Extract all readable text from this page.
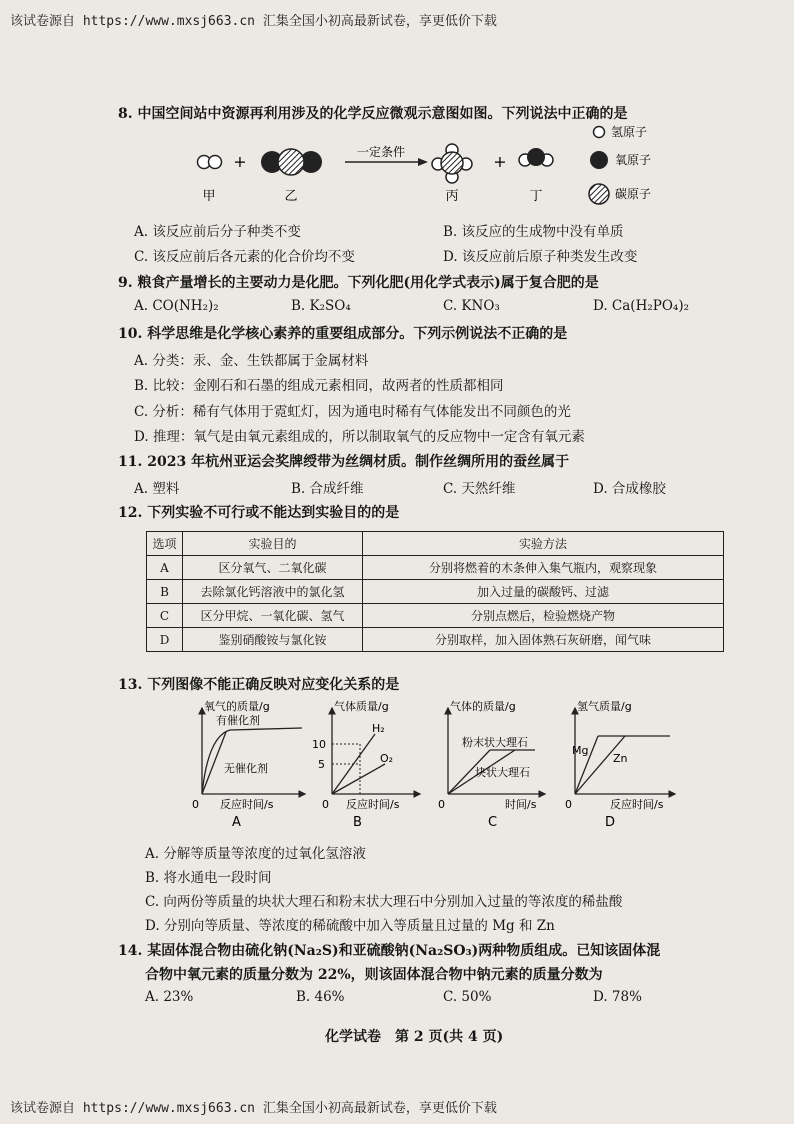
该试卷源自 https://www.mxsj663.cn 汇集全国小初高最新试卷，享更低价下载
8. 中国空间站中资源再利用涉及的化学反应微观示意图如图。下列说法中正确的是
+	一定条件	+
甲	乙	丙	丁
氢原子
氧原子
碳原子
A. 该反应前后分子种类不变	B. 该反应的生成物中没有单质
C. 该反应前后各元素的化合价均不变	D. 该反应前后原子种类发生改变
9. 粮食产量增长的主要动力是化肥。下列化肥(用化学式表示)属于复合肥的是
A. CO(NH₂)₂	B. K₂SO₄	C. KNO₃	D. Ca(H₂PO₄)₂
10. 科学思维是化学核心素养的重要组成部分。下列示例说法不正确的是
A. 分类：汞、金、生铁都属于金属材料
B. 比较：金刚石和石墨的组成元素相同，故两者的性质都相同
C. 分析：稀有气体用于霓虹灯，因为通电时稀有气体能发出不同颜色的光
D. 推理：氧气是由氧元素组成的，所以制取氧气的反应物中一定含有氧元素
11. 2023 年杭州亚运会奖牌绶带为丝绸材质。制作丝绸所用的蚕丝属于
A. 塑料	B. 合成纤维	C. 天然纤维	D. 合成橡胶
12. 下列实验不可行或不能达到实验目的的是
选项	实验目的	实验方法
A	区分氧气、二氧化碳	分别将燃着的木条伸入集气瓶内，观察现象
B	去除氯化钙溶液中的氯化氢	加入过量的碳酸钙、过滤
C	区分甲烷、一氧化碳、氢气	分别点燃后，检验燃烧产物
D	鉴别硝酸铵与氯化铵	分别取样，加入固体熟石灰研磨，闻气味
13. 下列图像不能正确反映对应变化关系的是
氧气的质量/g
有催化剂
无催化剂
0 反应时间/s
A
气体质量/g
10
5
H₂
O₂
0 反应时间/s
B
气体的质量/g
粉末状大理石
块状大理石
0	时间/s
C
氢气质量/g
Mg
Zn
0	反应时间/s
D
A. 分解等质量等浓度的过氧化氢溶液
B. 将水通电一段时间
C. 向两份等质量的块状大理石和粉末状大理石中分别加入过量的等浓度的稀盐酸
D. 分别向等质量、等浓度的稀硫酸中加入等质量且过量的 Mg 和 Zn
14. 某固体混合物由硫化钠(Na₂S)和亚硫酸钠(Na₂SO₃)两种物质组成。已知该固体混
合物中氧元素的质量分数为 22%，则该固体混合物中钠元素的质量分数为
A. 23%	B. 46%	C. 50%	D. 78%
化学试卷　第 2 页(共 4 页)
该试卷源自 https://www.mxsj663.cn 汇集全国小初高最新试卷，享更低价下载
